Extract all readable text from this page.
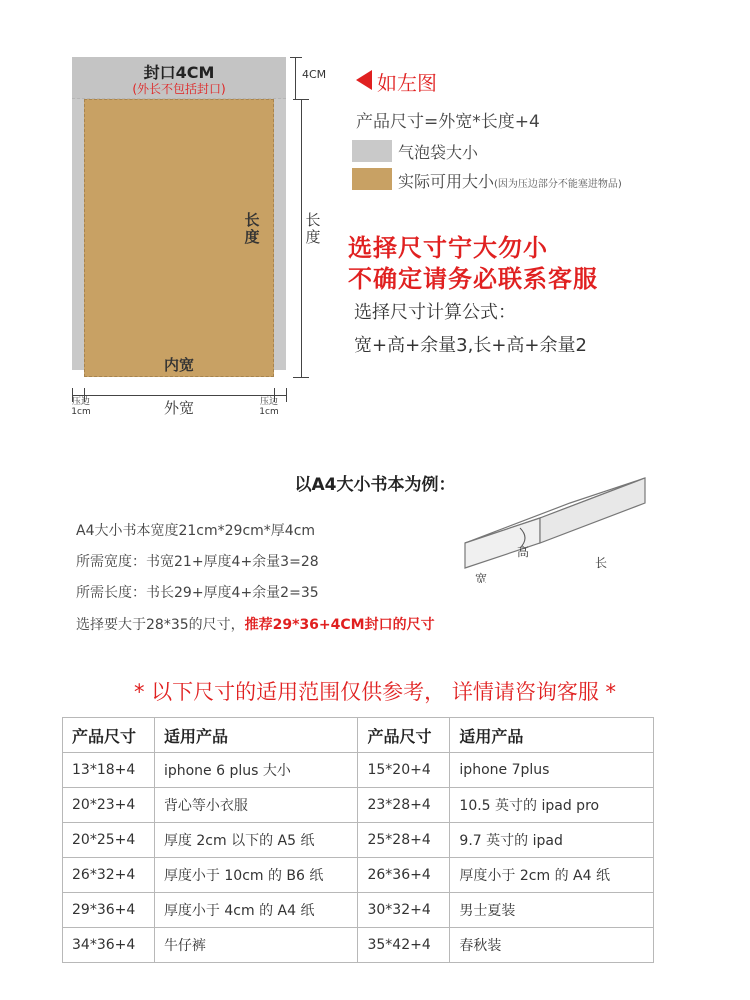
封口4CM
(外长不包括封口)
长度
内宽
4CM
长度
压边
1cm
压边
1cm
外宽
如左图
产品尺寸=外宽*长度+4
气泡袋大小
实际可用大小(因为压边部分不能塞进物品)
选择尺寸宁大勿小
不确定请务必联系客服
选择尺寸计算公式：
宽+高+余量3,长+高+余量2
以A4大小书本为例：
A4大小书本宽度21cm*29cm*厚4cm
所需宽度：书宽21+厚度4+余量3=28
所需长度：书长29+厚度4+余量2=35
选择要大于28*35的尺寸，推荐29*36+4CM封口的尺寸
高
宽
长
* 以下尺寸的适用范围仅供参考， 详情请咨询客服 *
产品尺寸	适用产品	产品尺寸	适用产品
13*18+4	iphone 6 plus 大小	15*20+4	iphone 7plus
20*23+4	背心等小衣服	23*28+4	10.5 英寸的 ipad pro
20*25+4	厚度 2cm 以下的 A5 纸	25*28+4	9.7 英寸的 ipad
26*32+4	厚度小于 10cm 的 B6 纸	26*36+4	厚度小于 2cm 的 A4 纸
29*36+4	厚度小于 4cm 的 A4 纸	30*32+4	男士夏装
34*36+4	牛仔裤	35*42+4	春秋装
